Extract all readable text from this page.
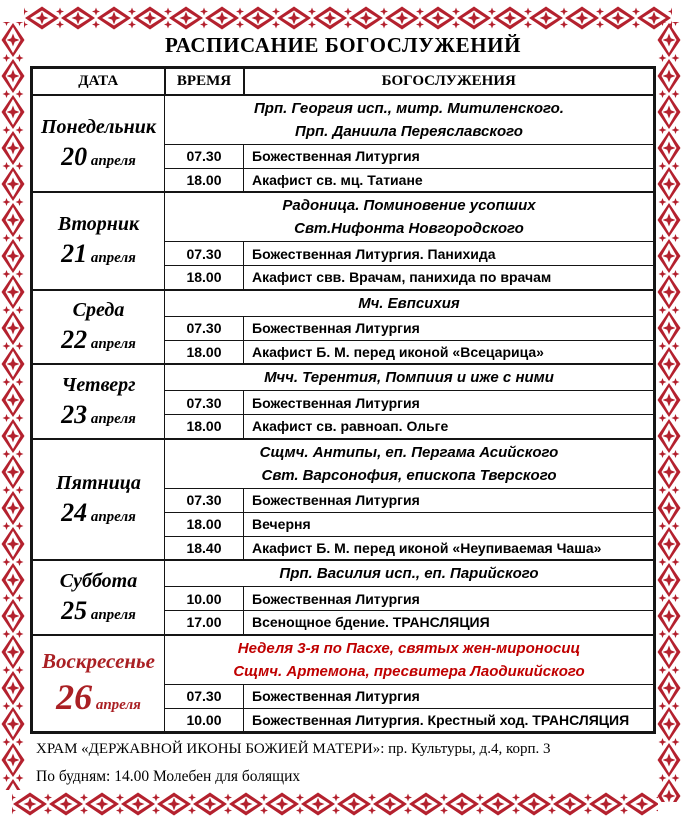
РАСПИСАНИЕ БОГОСЛУЖЕНИЙ
ДАТА	ВРЕМЯ	БОГОСЛУЖЕНИЯ

Понедельник
20 апреля

Прп. Георгия исп., митр. Митиленского.
Прп. Даниила Переяславского

	07.30	Божественная Литургия
	18.00	Акафист св. мц. Татиане

Вторник
21 апреля

Радоница. Поминовение усопших
Свт.Нифонта Новгородского

	07.30	Божественная Литургия. Панихида
	18.00	Акафист свв. Врачам, панихида по врачам

Среда
22 апреля	Мч. Евпсихия	

	07.30	Божественная Литургия
	18.00	Акафист Б. М. перед иконой «Всецарица»

Четверг
23 апреля	Мчч. Терентия, Помпиия и иже с ними	

	07.30	Божественная Литургия
	18.00	Акафист св. равноап. Ольге

Пятница
24 апреля

Сщмч. Антипы, еп. Пергама Асийского
Свт. Варсонофия, епископа Тверского

	07.30	Божественная Литургия
	18.00	Вечерня
	18.40	Акафист Б. М. перед иконой «Неупиваемая Чаша»

Суббота
25 апреля	Прп. Василия исп., еп. Парийского	

	10.00	Божественная Литургия
	17.00	Всенощное бдение. ТРАНСЛЯЦИЯ

Воскресенье
26 апреля

Неделя 3-я по Пасхе, святых жен-мироносиц
Сщмч. Артемона, пресвитера Лаодикийского

	07.30	Божественная Литургия
	10.00	Божественная Литургия. Крестный ход. ТРАНСЛЯЦИЯ
ХРАМ «ДЕРЖАВНОЙ ИКОНЫ БОЖИЕЙ МАТЕРИ»: пр. Культуры, д.4, корп. 3
По будням: 14.00 Молебен для болящих
